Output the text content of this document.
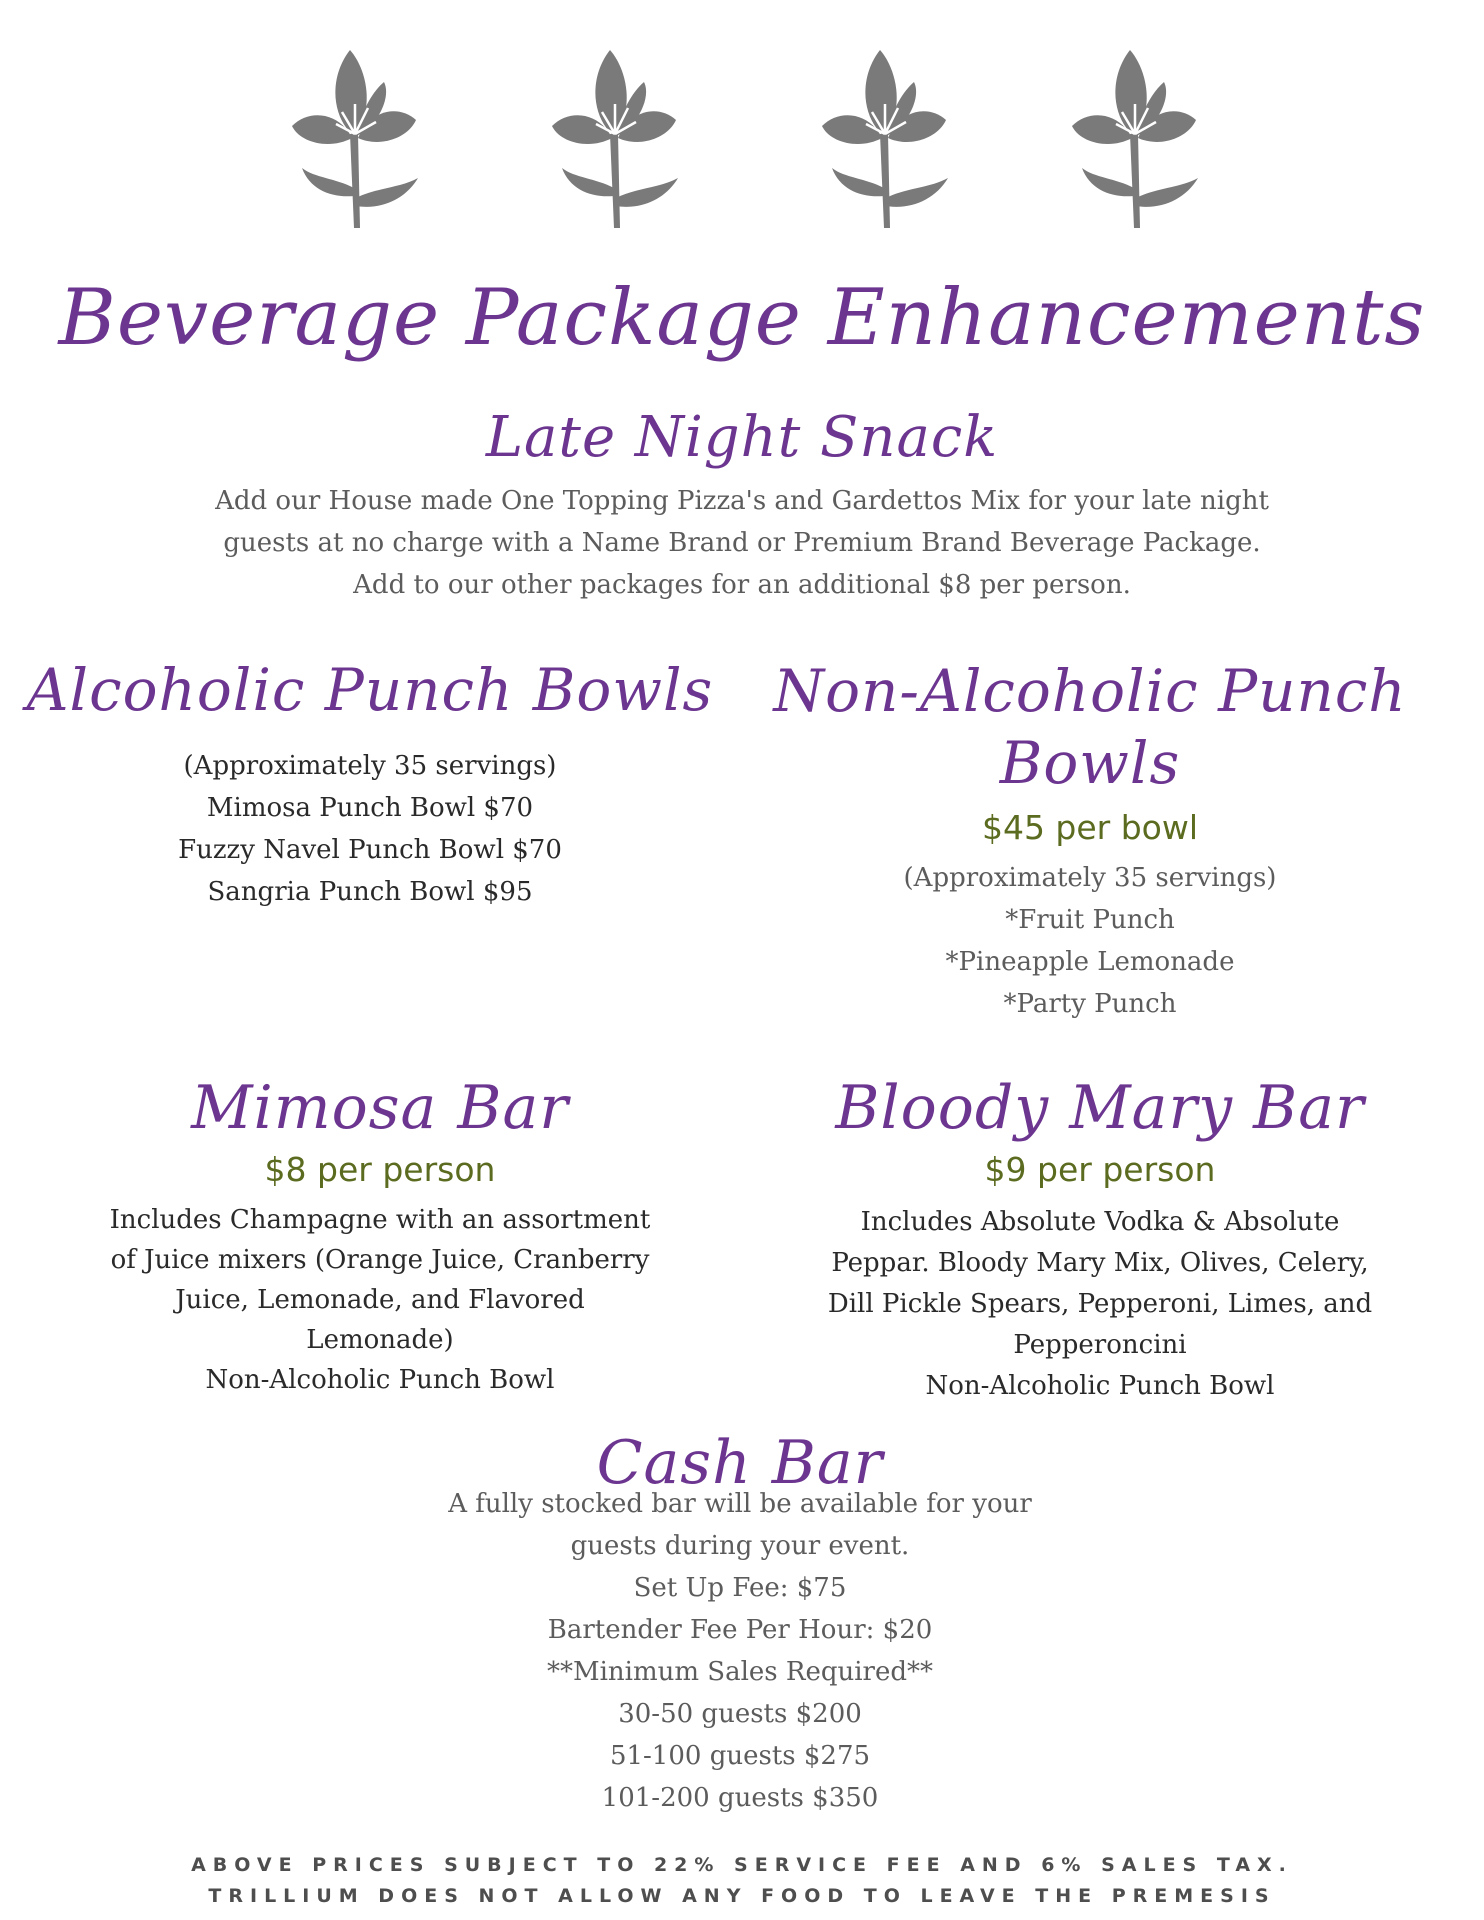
Beverage Package Enhancements
Late Night Snack
Add our House made One Topping Pizza's and Gardettos Mix for your late night
guests at no charge with a Name Brand or Premium Brand Beverage Package.
Add to our other packages for an additional $8 per person.
Alcoholic Punch Bowls
(Approximately 35 servings)
Mimosa Punch Bowl $70
Fuzzy Navel Punch Bowl $70
Sangria Punch Bowl $95
Non-Alcoholic Punch
Bowls
$45 per bowl
(Approximately 35 servings)
*Fruit Punch
*Pineapple Lemonade
*Party Punch
Mimosa Bar
$8 per person
Includes Champagne with an assortment
of Juice mixers (Orange Juice, Cranberry
Juice, Lemonade, and Flavored
Lemonade)
Non-Alcoholic Punch Bowl
Bloody Mary Bar
$9 per person
Includes Absolute Vodka & Absolute
Peppar. Bloody Mary Mix, Olives, Celery,
Dill Pickle Spears, Pepperoni, Limes, and
Pepperoncini
Non-Alcoholic Punch Bowl
Cash Bar
A fully stocked bar will be available for your
guests during your event.
Set Up Fee: $75
Bartender Fee Per Hour: $20
**Minimum Sales Required**
30-50 guests $200
51-100 guests $275
101-200 guests $350
ABOVE PRICES SUBJECT TO 22% SERVICE FEE AND 6% SALES TAX.
TRILLIUM DOES NOT ALLOW ANY FOOD TO LEAVE THE PREMESIS
